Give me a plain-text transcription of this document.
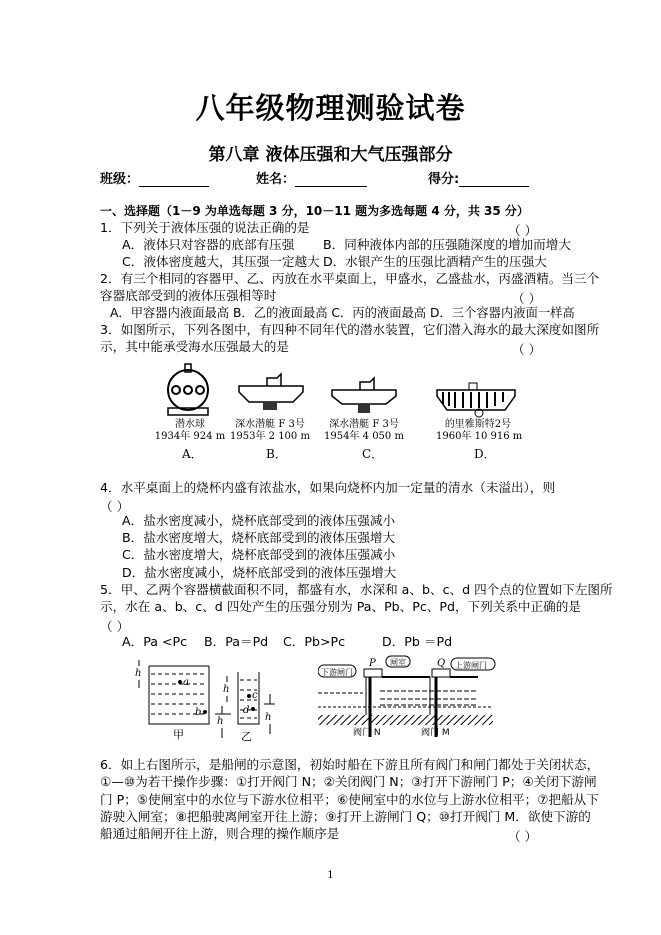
八年级物理测验试卷
第八章 液体压强和大气压强部分
班级：	姓名：	得分:
一、选择题（1－9 为单选每题 3 分，10－11 题为多选每题 4 分，共 35 分）
1．下列关于液体压强的说法正确的是	（ ）
A．液体只对容器的底部有压强 B．同种液体内部的压强随深度的增加而增大
C．液体密度越大，其压强一定越大 D．水银产生的压强比酒精产生的压强大
2．有三个相同的容器甲、乙、丙放在水平桌面上，甲盛水，乙盛盐水，丙盛酒精。当三个
容器底部受到的液体压强相等时	（ ）
A．甲容器内液面最高 B．乙的液面最高 C．丙的液面最高 D．三个容器内液面一样高
3．如图所示，下列各图中，有四种不同年代的潜水装置，它们潜入海水的最大深度如图所
示，其中能承受海水压强最大的是	（ ）
潜水球
1934年 924 m
深水潜艇 F 3号
1953年 2 100 m
深水潜艇 F 3号
1954年 4 050 m
的里雅斯特2号
1960年 10 916 m
A．	B．	C．	D．
4．水平桌面上的烧杯内盛有浓盐水，如果向烧杯内加一定量的清水（未溢出），则
（ ）
A．盐水密度减小，烧杯底部受到的液体压强减小
B．盐水密度增大，烧杯底部受到的液体压强增大
C．盐水密度增大，烧杯底部受到的液体压强减小
D．盐水密度减小，烧杯底部受到的液体压强增大
5．甲、乙两个容器横截面积不同，都盛有水，水深和 a、b、c、d 四个点的位置如下左图所
示，水在 a、b、c、d 四处产生的压强分别为 Pa、Pb、Pc、Pd，下列关系中正确的是
（ ）
A．Pa <Pc B．Pa＝Pd C．Pb>Pc	D．Pb ＝Pd
h
a
b
h
h
c
d
h
甲	乙
P	Q
下游闸门
闸室	上游闸门
阀门 N	阀门 M
6．如上右图所示，是船闸的示意图，初始时船在下游且所有阀门和闸门都处于关闭状态，
①—⑩为若干操作步骤：①打开阀门 N；②关闭阀门 N；③打开下游闸门 P；④关闭下游闸
门 P；⑤使闸室中的水位与下游水位相平；⑥使闸室中的水位与上游水位相平；⑦把船从下
游驶入闸室；⑧把船驶离闸室开往上游；⑨打开上游闸门 Q；⑩打开阀门 M．欲使下游的
船通过船闸开往上游，则合理的操作顺序是	（ ）
1
